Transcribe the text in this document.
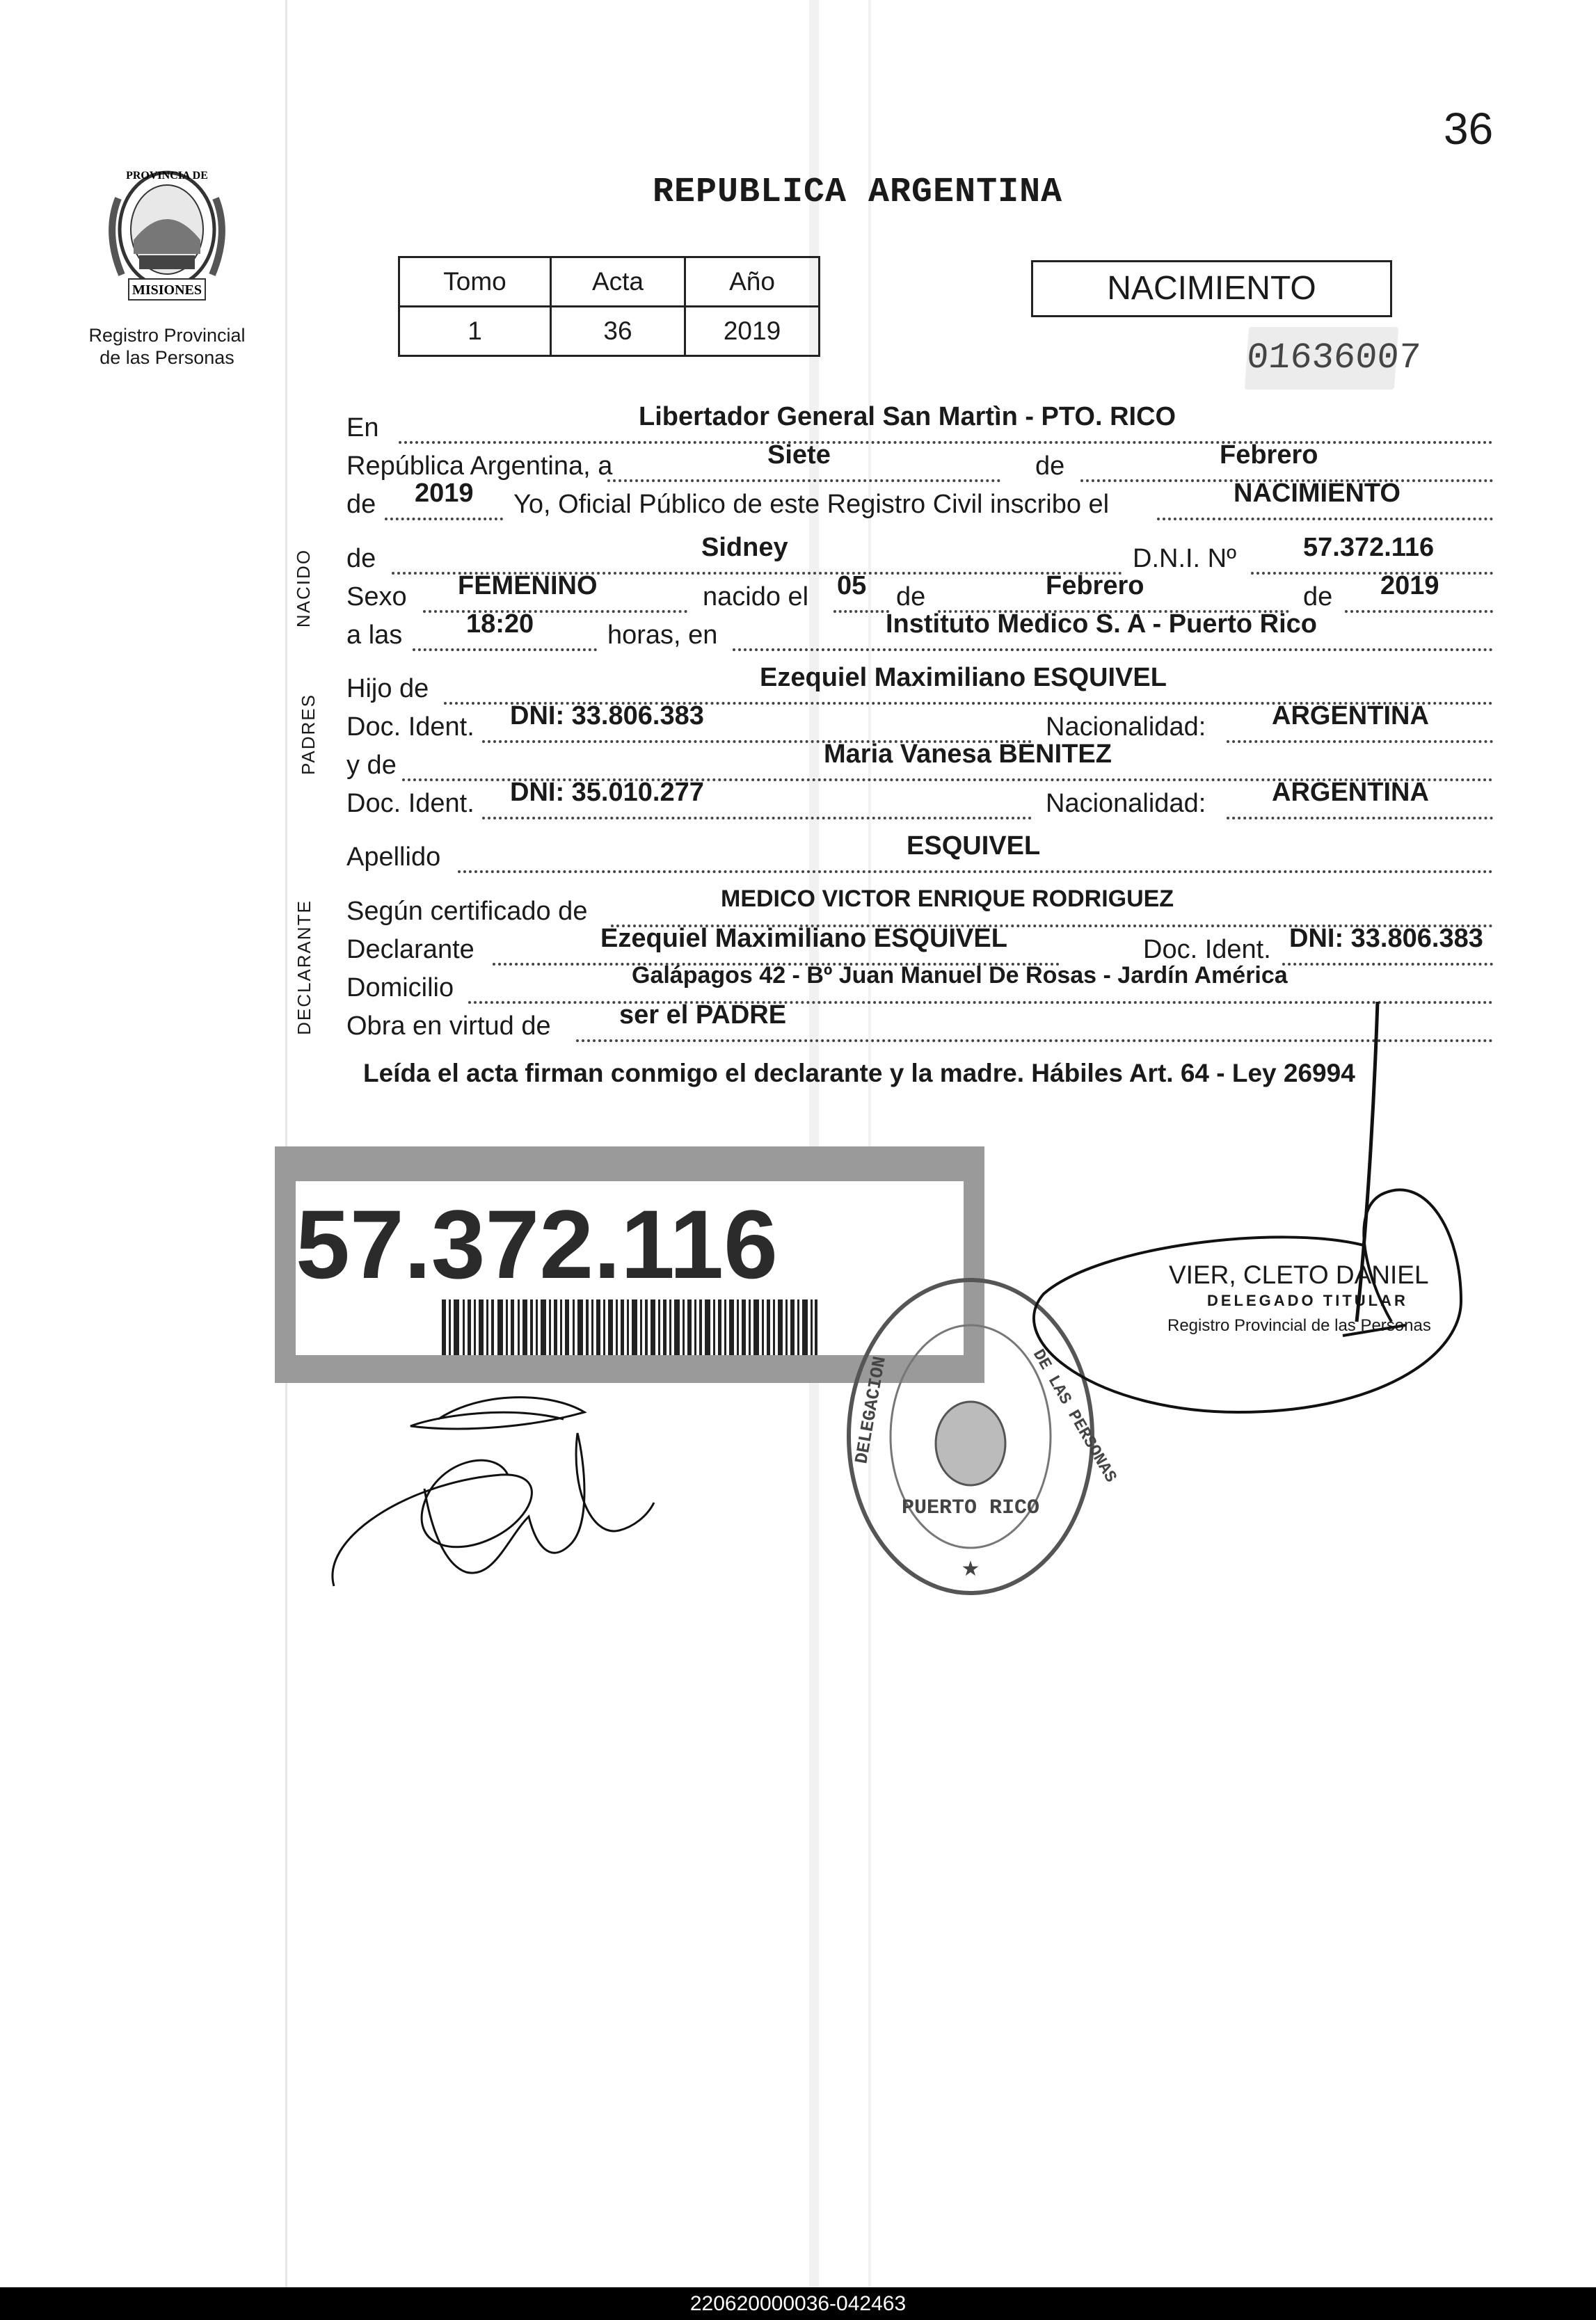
36
PROVINCIA DE
MISIONES
Registro Provincial
de las Personas
REPUBLICA ARGENTINA
Tomo	Acta	Año
1	36	2019
NACIMIENTO
01636007
En	Libertador General San Martìn - PTO. RICO
República Argentina, a	Siete	de	Febrero
de 2019 Yo, Oficial Público de este Registro Civil inscribo el	NACIMIENTO
de	Sidney	D.N.I. Nº	57.372.116
Sexo FEMENINO	nacido el 05 de	Febrero	de 2019
a las 18:20	horas, en	Instituto Medico S. A - Puerto Rico
Hijo de	Ezequiel Maximiliano ESQUIVEL
Doc. Ident. DNI: 33.806.383	Nacionalidad: ARGENTINA
y de	Maria Vanesa BENITEZ
Doc. Ident. DNI: 35.010.277	Nacionalidad: ARGENTINA
Apellido	ESQUIVEL
Según certificado de	MEDICO VICTOR ENRIQUE RODRIGUEZ
Declarante	Ezequiel Maximiliano ESQUIVEL	Doc. Ident. DNI: 33.806.383
Domicilio	Galápagos 42 - Bº Juan Manuel De Rosas - Jardín América
Obra en virtud de	ser el PADRE
NACIDO
PADRES
DECLARANTE
Leída el acta firman conmigo el declarante y la madre. Hábiles Art. 64 - Ley 26994
57.372.116
DELEGACION	DE LAS PERSONAS
PUERTO RICO
★
VIER, CLETO DANIEL
DELEGADO TITULAR
Registro Provincial de las Personas
220620000036-042463
